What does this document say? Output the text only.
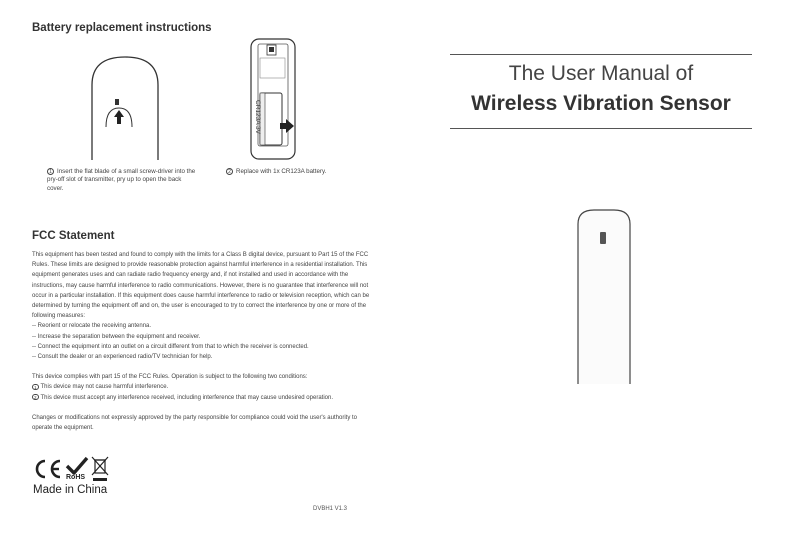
Battery replacement instructions
CR123A 3V
1 Insert the flat blade of a small screw-driver into the pry-off slot of transmitter, pry up to open the back cover.
2 Replace with 1x CR123A battery.
FCC Statement

This equipment has been tested and found to comply with the limits for a Class B digital device, pursuant to Part 15 of the FCC Rules. These limits are designed to provide reasonable protection against harmful interference in a residential installation. This equipment generates uses and can radiate radio frequency energy and, if not installed and used in accordance with the instructions, may cause harmful interference to radio communications. However, there is no guarantee that interference will not occur in a particular installation. If this equipment does cause harmful interference to radio or television reception, which can be determined by turning the equipment off and on, the user is encouraged to try to correct the interference by one or more of the following measures:

-- Reorient or relocate the receiving antenna.

-- Increase the separation between the equipment and receiver.

-- Connect the equipment into an outlet on a circuit different from that to which the receiver is connected.

-- Consult the dealer or an experienced radio/TV technician for help.

This device complies with part 15 of the FCC Rules. Operation is subject to the following two conditions:

1 This device may not cause harmful interference.

2 This device must accept any interference received, including interference that may cause undesired operation.

Changes or modifications not expressly approved by the party responsible for compliance could void the user's authority to operate the equipment.

RoHS
Made in China
DVBH1 V1.3
The User Manual of
Wireless Vibration Sensor
